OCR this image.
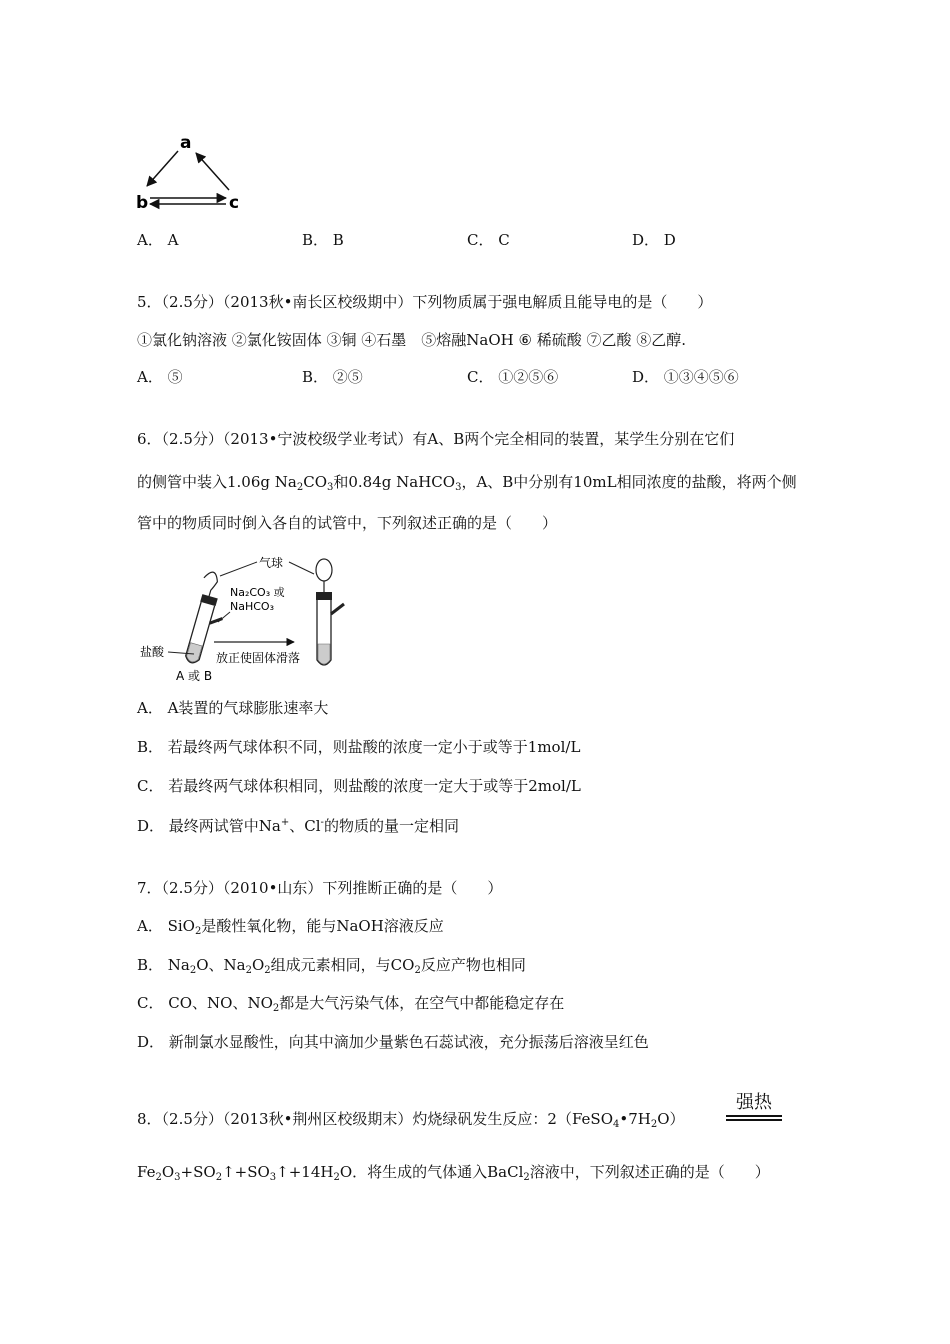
a
b	c
A． A	B． B	C． C	D． D
5．（2.5分）（2013秋•南长区校级期中）下列物质属于强电解质且能导电的是（　　）
①氯化钠溶液 ②氯化铵固体 ③铜 ④石墨　⑤熔融NaOH ⑥ 稀硫酸 ⑦乙酸 ⑧乙醇.
A． ⑤	B． ②⑤	C． ①②⑤⑥	D． ①③④⑤⑥
6．（2.5分）（2013•宁波校级学业考试）有A、B两个完全相同的装置，某学生分别在它们
的侧管中装入1.06g $Na_2CO_3$和0.84g NaHCO$_3$，A、B中分别有10mL相同浓度的盐酸，将两个侧
管中的物质同时倒入各自的试管中，下列叙述正确的是（　　）
气球
Na₂CO₃ 或
NaHCO₃
盐酸	放正使固体滑落
A 或 B
A． A装置的气球膨胀速率大
B． 若最终两气球体积不同，则盐酸的浓度一定小于或等于1mol/L
C． 若最终两气球体积相同，则盐酸的浓度一定大于或等于2mol/L
D． 最终两试管中Na+、Cl-的物质的量一定相同
7．（2.5分）（2010•山东）下列推断正确的是（　　）
A． SiO$_2$是酸性氧化物，能与NaOH溶液反应
B． $Na_2O$、$Na_2O_2$组成元素相同，与$CO_2$反应产物也相同
C． CO、NO、$NO_2$都是大气污染气体，在空气中都能稳定存在
D． 新制氯水显酸性，向其中滴加少量紫色石蕊试液，充分振荡后溶液呈红色
8．（2.5分）（2013秋•荆州区校级期末）灼烧绿矾发生反应：$2(FeSO_4•7H_2O)$
强热
$Fe_2O_3+SO_2↑+SO_3↑+14H_2O$．将生成的气体通入BaCl$_2$溶液中，下列叙述正确的是（　　）
